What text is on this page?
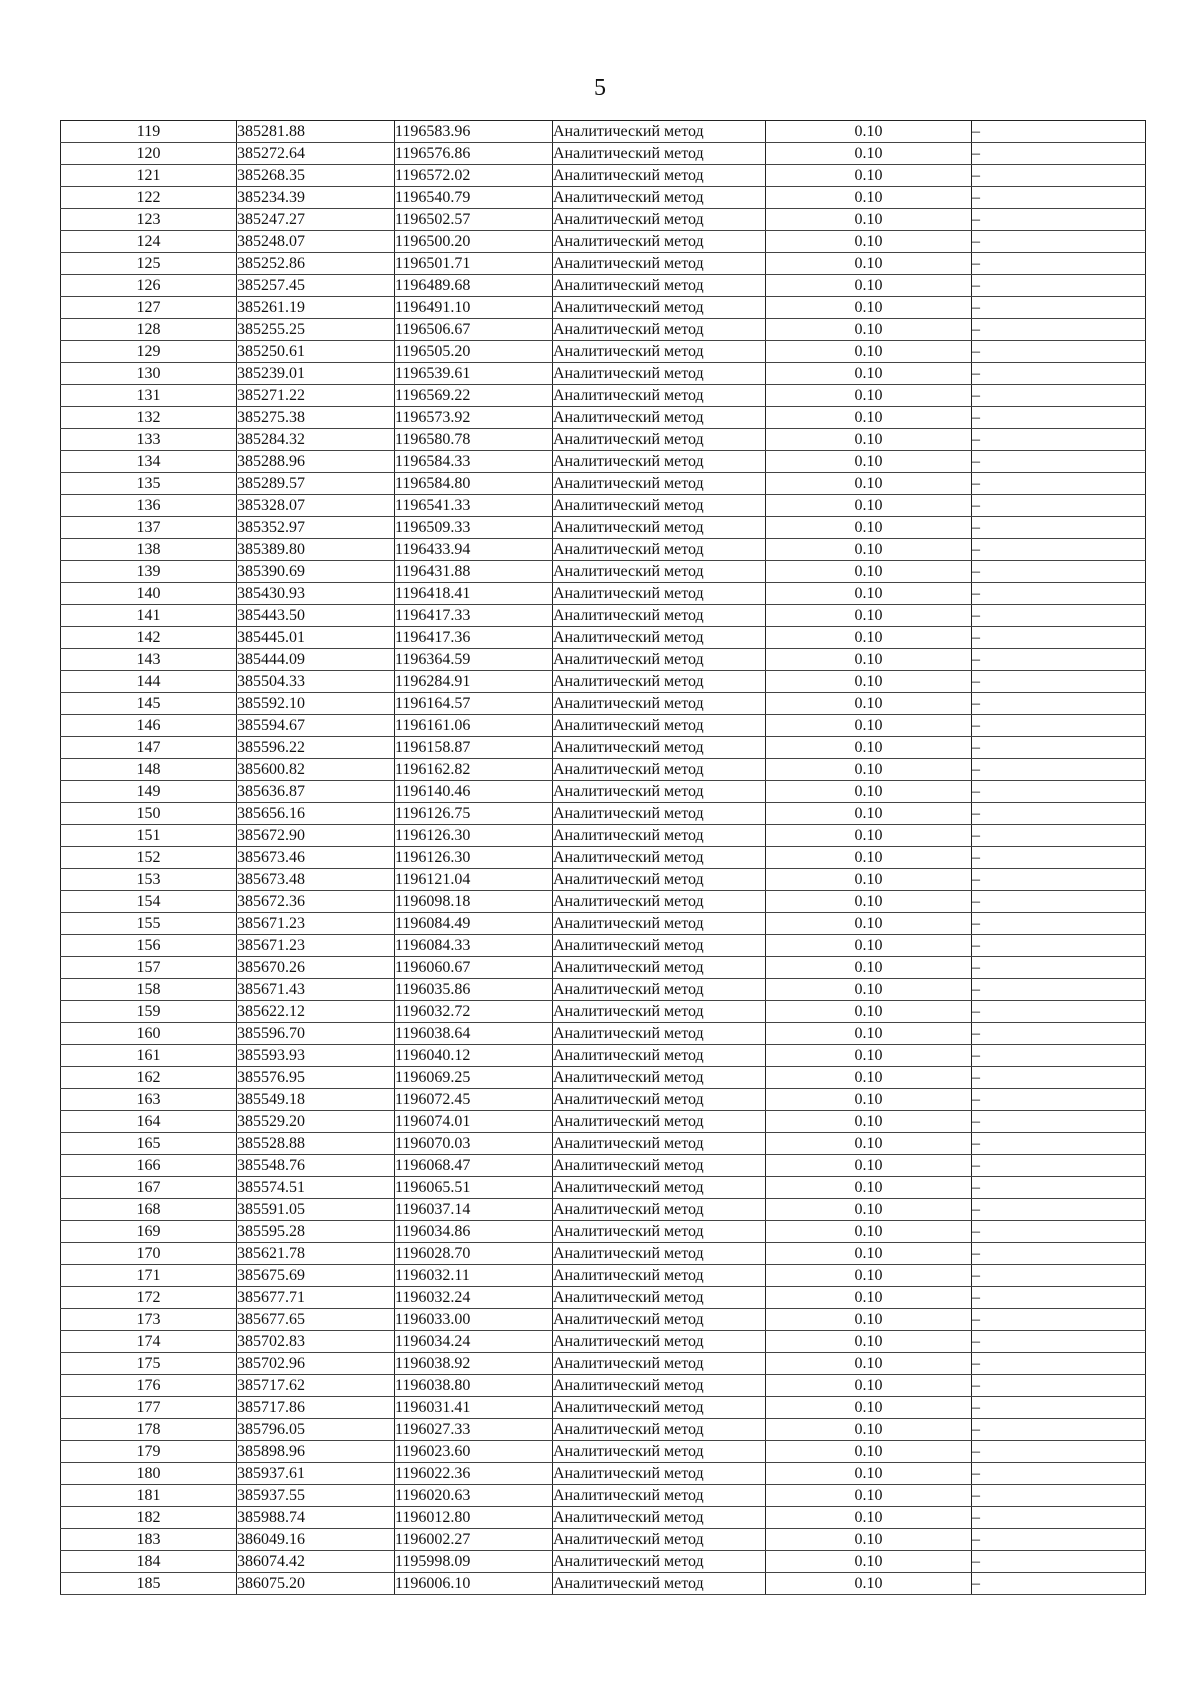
5
119	385281.88	1196583.96	Аналитический метод	0.10	–
120	385272.64	1196576.86	Аналитический метод	0.10	–
121	385268.35	1196572.02	Аналитический метод	0.10	–
122	385234.39	1196540.79	Аналитический метод	0.10	–
123	385247.27	1196502.57	Аналитический метод	0.10	–
124	385248.07	1196500.20	Аналитический метод	0.10	–
125	385252.86	1196501.71	Аналитический метод	0.10	–
126	385257.45	1196489.68	Аналитический метод	0.10	–
127	385261.19	1196491.10	Аналитический метод	0.10	–
128	385255.25	1196506.67	Аналитический метод	0.10	–
129	385250.61	1196505.20	Аналитический метод	0.10	–
130	385239.01	1196539.61	Аналитический метод	0.10	–
131	385271.22	1196569.22	Аналитический метод	0.10	–
132	385275.38	1196573.92	Аналитический метод	0.10	–
133	385284.32	1196580.78	Аналитический метод	0.10	–
134	385288.96	1196584.33	Аналитический метод	0.10	–
135	385289.57	1196584.80	Аналитический метод	0.10	–
136	385328.07	1196541.33	Аналитический метод	0.10	–
137	385352.97	1196509.33	Аналитический метод	0.10	–
138	385389.80	1196433.94	Аналитический метод	0.10	–
139	385390.69	1196431.88	Аналитический метод	0.10	–
140	385430.93	1196418.41	Аналитический метод	0.10	–
141	385443.50	1196417.33	Аналитический метод	0.10	–
142	385445.01	1196417.36	Аналитический метод	0.10	–
143	385444.09	1196364.59	Аналитический метод	0.10	–
144	385504.33	1196284.91	Аналитический метод	0.10	–
145	385592.10	1196164.57	Аналитический метод	0.10	–
146	385594.67	1196161.06	Аналитический метод	0.10	–
147	385596.22	1196158.87	Аналитический метод	0.10	–
148	385600.82	1196162.82	Аналитический метод	0.10	–
149	385636.87	1196140.46	Аналитический метод	0.10	–
150	385656.16	1196126.75	Аналитический метод	0.10	–
151	385672.90	1196126.30	Аналитический метод	0.10	–
152	385673.46	1196126.30	Аналитический метод	0.10	–
153	385673.48	1196121.04	Аналитический метод	0.10	–
154	385672.36	1196098.18	Аналитический метод	0.10	–
155	385671.23	1196084.49	Аналитический метод	0.10	–
156	385671.23	1196084.33	Аналитический метод	0.10	–
157	385670.26	1196060.67	Аналитический метод	0.10	–
158	385671.43	1196035.86	Аналитический метод	0.10	–
159	385622.12	1196032.72	Аналитический метод	0.10	–
160	385596.70	1196038.64	Аналитический метод	0.10	–
161	385593.93	1196040.12	Аналитический метод	0.10	–
162	385576.95	1196069.25	Аналитический метод	0.10	–
163	385549.18	1196072.45	Аналитический метод	0.10	–
164	385529.20	1196074.01	Аналитический метод	0.10	–
165	385528.88	1196070.03	Аналитический метод	0.10	–
166	385548.76	1196068.47	Аналитический метод	0.10	–
167	385574.51	1196065.51	Аналитический метод	0.10	–
168	385591.05	1196037.14	Аналитический метод	0.10	–
169	385595.28	1196034.86	Аналитический метод	0.10	–
170	385621.78	1196028.70	Аналитический метод	0.10	–
171	385675.69	1196032.11	Аналитический метод	0.10	–
172	385677.71	1196032.24	Аналитический метод	0.10	–
173	385677.65	1196033.00	Аналитический метод	0.10	–
174	385702.83	1196034.24	Аналитический метод	0.10	–
175	385702.96	1196038.92	Аналитический метод	0.10	–
176	385717.62	1196038.80	Аналитический метод	0.10	–
177	385717.86	1196031.41	Аналитический метод	0.10	–
178	385796.05	1196027.33	Аналитический метод	0.10	–
179	385898.96	1196023.60	Аналитический метод	0.10	–
180	385937.61	1196022.36	Аналитический метод	0.10	–
181	385937.55	1196020.63	Аналитический метод	0.10	–
182	385988.74	1196012.80	Аналитический метод	0.10	–
183	386049.16	1196002.27	Аналитический метод	0.10	–
184	386074.42	1195998.09	Аналитический метод	0.10	–
185	386075.20	1196006.10	Аналитический метод	0.10	–
